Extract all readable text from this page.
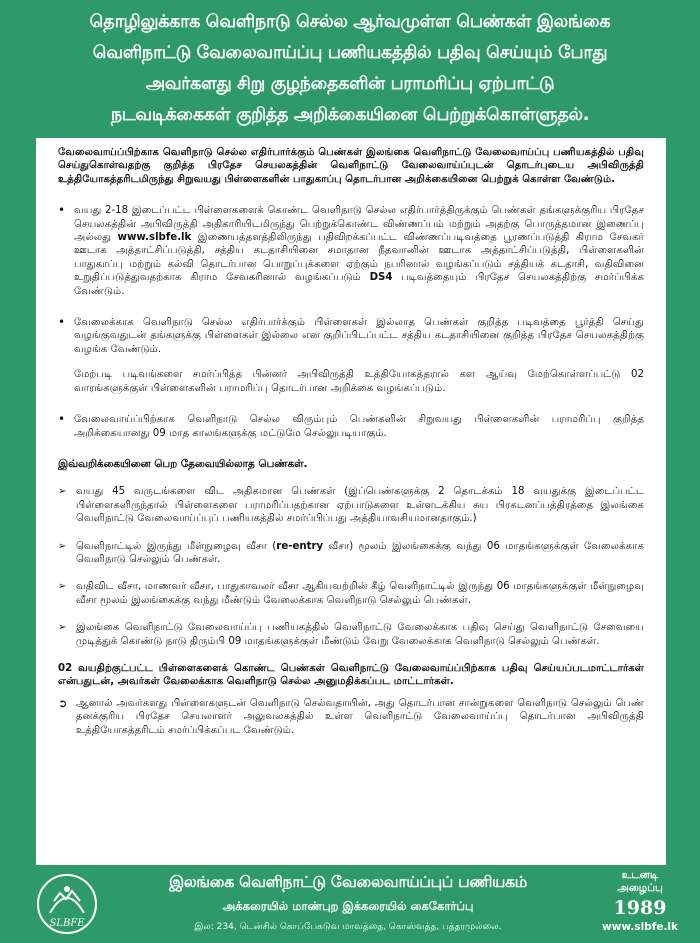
தொழிலுக்காக வெளிநாடு செல்ல ஆர்வமுள்ள பெண்கள் இலங்கை
வெளிநாட்டு வேலைவாய்ப்பு பணியகத்தில் பதிவு செய்யும் போது
அவர்களது சிறு குழந்தைகளின் பராமரிப்பு ஏற்பாட்டு
நடவடிக்கைகள் குறித்த அறிக்கையினை பெற்றுக்கொள்ளுதல்.

வேலைவாய்ப்பிற்காக வெளிநாடு செல்ல எதிர்பார்க்கும் பெண்கள் இலங்கை வெளிநாட்டு வேலைவாய்ப்பு பணியகத்தில் பதிவு செய்துகொள்வதற்கு குறித்த பிரதேச செயலகத்தின் வெளிநாட்டு வேலைவாய்ப்புடன் தொடர்புடைய அபிவிருத்தி உத்தியோகத்தரிடமிருந்து சிறுவயது பிள்ளைகளின் பாதுகாப்பு தொடர்பான அறிக்கையினை பெற்றுக் கொள்ள வேண்டும்.

• வயது 2-18 இடைப்பட்ட பிள்ளைகளைக் கொண்ட வெளிநாடு செல்ல எதிர்பார்த்திருக்கும் பெண்கள் தங்களுக்குரிய பிரதேச செயலகத்தின் அபிவிருத்தி அதிகாரியிடமிருந்து பெற்றுக்கொண்ட விண்ணப்பம் மற்றும் அதற்கு பொருத்தமான இணைப்பு அல்லது www.slbfe.lk இணையத்தளத்திலிருந்து பதிவிறக்கப்பட்ட விண்ணப்படிவத்தை பூரணப்படுத்தி கிராம சேவகர் ஊடாக அத்தாட்சிப்படுத்தி, சத்திய கடதாசியினை சமாதான நீதவானின் ஊடாக அத்தாட்சிப்படுத்தி, பிள்ளைகளின் பாதுகாப்பு மற்றும் கல்வி தொடர்பான பொறுப்புக்களை ஏற்கும் நபரினால் வழங்கப்படும் சத்தியக் கடதாசி, வதிவினை உறுதிப்படுத்துவதற்காக கிராம சேவகரினால் வழங்கப்படும் DS4 படிவத்தையும் பிரதேச செயலகத்திற்கு சமர்ப்பிக்க வேண்டும்.
• வேலைக்காக வெளிநாடு செல்ல எதிர்பார்க்கும் பிள்ளைகள் இல்லாத பெண்கள் குறித்த படிவத்தை பூர்த்தி செய்து வழங்குவதுடன் தங்களுக்கு பிள்ளைகள் இல்லை என குறிப்பிடப்பட்ட சத்திய கடதாசியினை குறித்த பிரதேச செயலகத்திற்கு வழங்க வேண்டும்.
மேற்படி படிவங்களை சமர்ப்பித்த பின்னர் அபிவிருத்தி உத்தியோகத்தரால் கள ஆய்வு மேற்கொள்ளப்பட்டு 02 வாரங்களுக்குள் பிள்ளைகளின் பராமரிப்பு தொடர்பான அறிக்கை வழங்கப்படும்.
• வேலைவாய்ப்பிற்காக வெளிநாடு செல்ல விரும்பும் பெண்களின் சிறுவயது பிள்ளைகளின் பராமரிப்பு குறித்த அறிக்கையானது 09 மாத காலங்களுக்கு மட்டுமே செல்லுபடியாகும்.
இவ்வறிக்கையினை பெற தேவையில்லாத பெண்கள்.
➢ வயது 45 வருடங்களை விட அதிகமான பெண்கள் (இப்பெண்களுக்கு 2 தொடக்கம் 18 வயதுக்கு இடைப்பட்ட பிள்ளைகளிருந்தால் பிள்ளைகளை பராமரிப்பதற்கான ஏற்பாடுகளை உள்ளடக்கிய சுய பிரகடனப்பத்திரத்தை இலங்கை வெளிநாட்டு வேலைவாய்ப்புப் பணியகத்தில் சமர்ப்பிப்பது அத்தியாவசியமானதாகும்.)
➢ வெளிநாட்டில் இருந்து மீள்நுழைவு வீசா (re-entry வீசா) மூலம் இலங்கைக்கு வந்து 06 மாதங்களுக்குள் வேலைக்காக வெளிநாடு செல்லும் பெண்கள்.
➢ வதிவிட வீசா, மாணவர் வீசா, பாதுகாவலர் வீசா ஆகியவற்றின் கீழ் வெளிநாட்டில் இருந்து 06 மாதங்களுக்குள் மீள்நுழைவு வீசா மூலம் இலங்கைக்கு வந்து மீண்டும் வேலைக்காக வெளிநாடு செல்லும் பெண்கள்.
➢ இலங்கை வெளிநாட்டு வேலைவாய்ப்பு பணியகத்தில் வெளிநாட்டு வேலைக்காக பதிவு செய்து வெளிநாட்டு சேவையை முடித்துக் கொண்டு நாடு திரும்பி 09 மாதங்களுக்குள் மீண்டும் வேறு வேலைக்காக வெளிநாடு செல்லும் பெண்கள்.

02 வயதிற்குட்பட்ட பிள்ளைகளைக் கொண்ட பெண்கள் வெளிநாட்டு வேலைவாய்ப்பிற்காக பதிவு செய்யப்படமாட்டார்கள் என்பதுடன், அவர்கள் வேலைக்காக வெளிநாடு செல்ல அனுமதிக்கப்பட மாட்டார்கள்.

➲ ஆனால் அவர்களது பிள்ளைகளுடன் வெளிநாடு செல்வதாயின், அது தொடர்பான சான்றுகளை வெளிநாடு செல்லும் பெண் தனக்குரிய பிரதேச செயலாளர் அலுவலகத்தில் உள்ள வெளிநாட்டு வேலைவாய்ப்பு தொடர்பான அபிவிருத்தி உத்தியோகத்தரிடம் சமர்ப்பிக்கப்பட வேண்டும்.
SLBFE
இலங்கை வெளிநாட்டு வேலைவாய்ப்புப் பணியகம்
அக்கரையில் மாண்புற இக்கரையில் கைகோர்ப்பு
இல: 234, டென்சில் கொப்பேகடுவ மாவத்தை, கொஸ்வத்த, பத்தரமுல்லை.
உடனடி
அழைப்பு
1989
www.slbfe.lk
